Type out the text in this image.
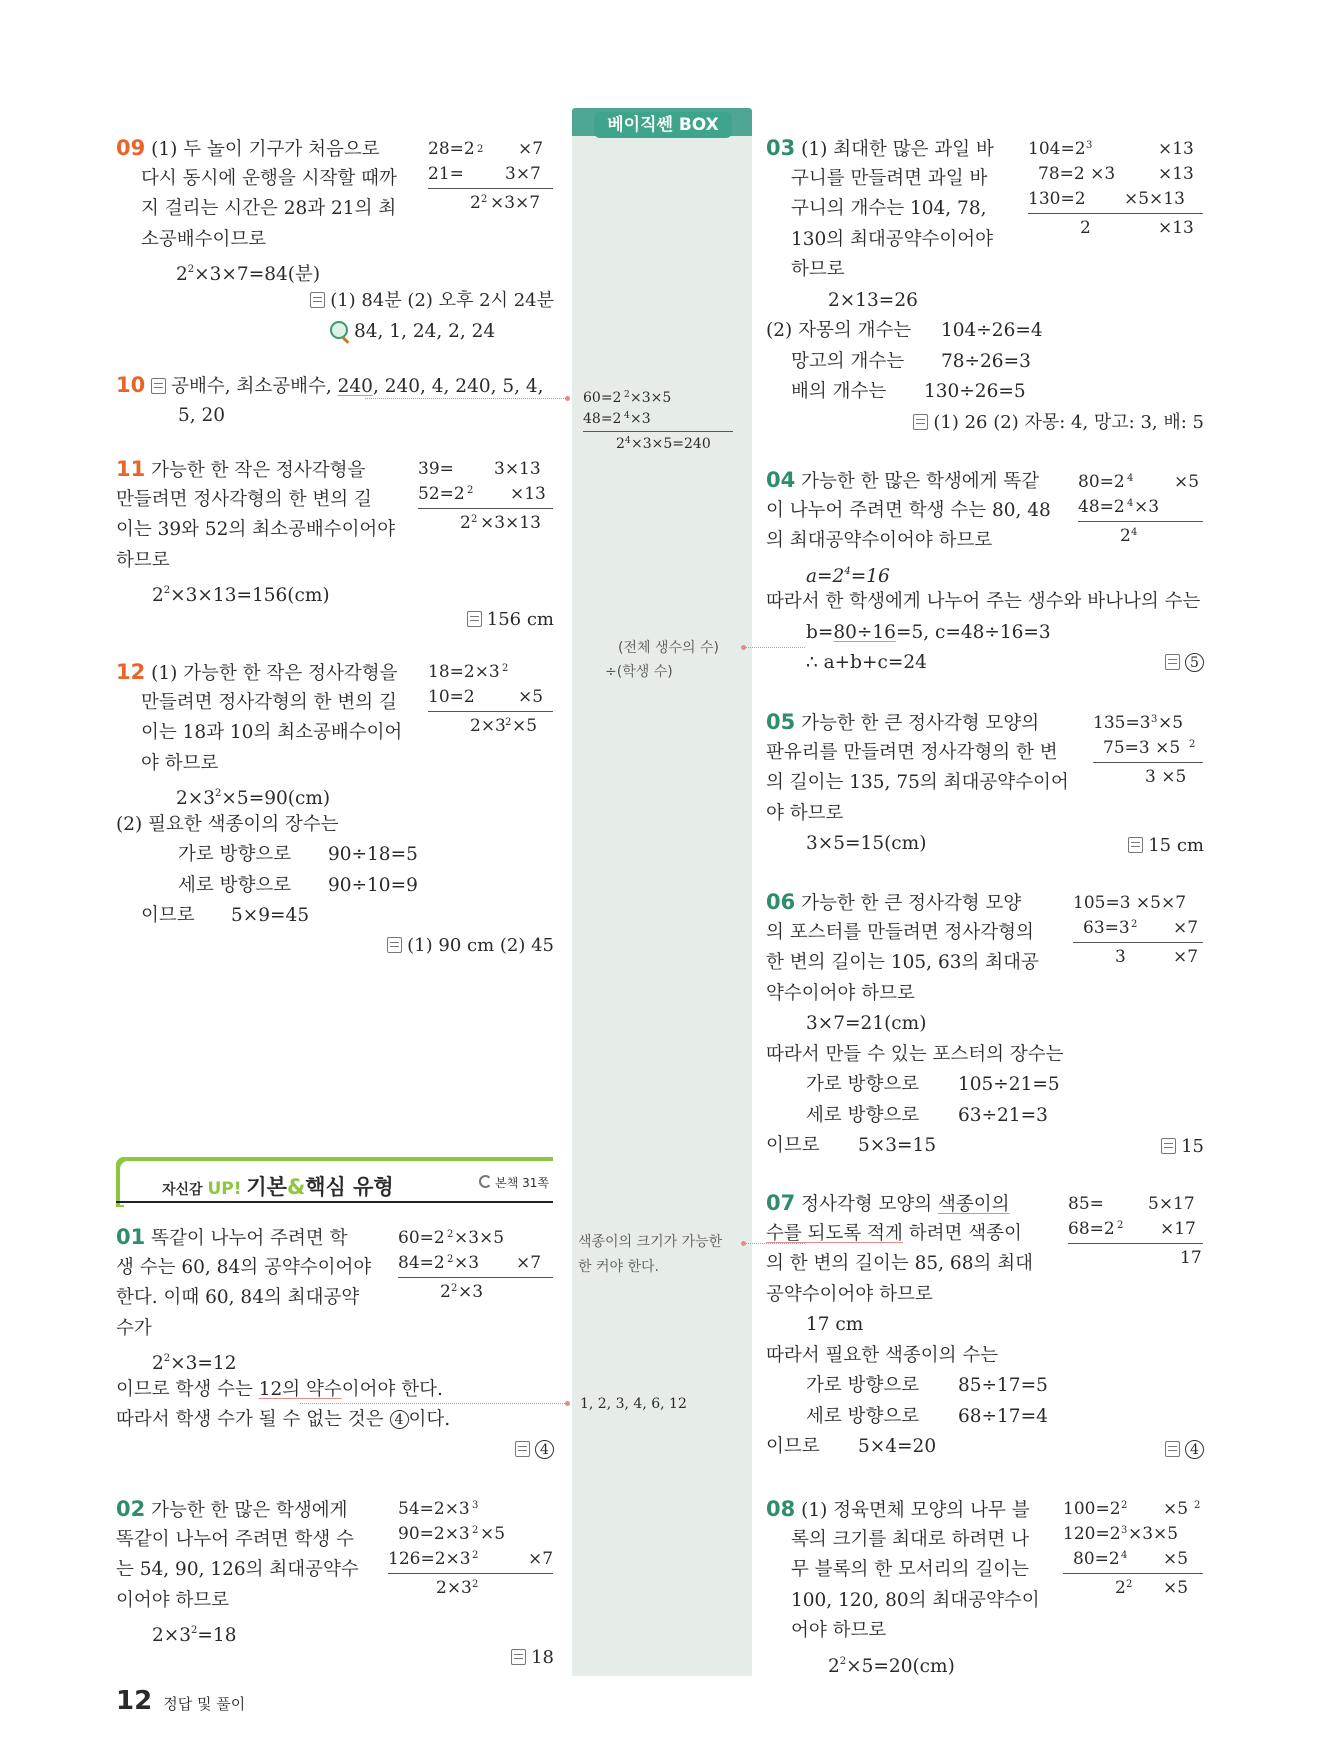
베이직쎈 BOX
09 (1) 두 놀이 기구가 처음으로
다시 동시에 운행을 시작할 때까
지 걸리는 시간은 28과 21의 최
소공배수이므로
$2^2\times 3\times 7=84$(분)
28=2 2 ×7
21= 3×7
2 2 ×3×7
(1) 84분 (2) 오후 2시 24분
84, 1, 24, 2, 24
10 공배수, 최소공배수, 240, 240, 4, 240, 5, 4,
5, 20
11 가능한 한 작은 정사각형을
만들려면 정사각형의 한 변의 길
이는 39와 52의 최소공배수이어야
하므로
$2^2\times 3\times 13=156(cm)$
39= 3×13
52=2 2 ×13
2 2 ×3×13
156 cm
12 (1) 가능한 한 작은 정사각형을
만들려면 정사각형의 한 변의 길
이는 18과 10의 최소공배수이어
야 하므로
$2\times 3^2\times 5=90(cm)$
(2) 필요한 색종이의 장수는
가로 방향으로 90÷18=5
세로 방향으로 90÷10=9
이므로 5×9=45
18=2×3 2
10=2	×5
2×3 2 ×5
(1) 90 cm (2) 45
자신감 UP! 기본&핵심 유형	본책 31쪽
01 똑같이 나누어 주려면 학
생 수는 60, 84의 공약수이어야
한다. 이때 60, 84의 최대공약
수가
$2^2\times 3=12$
이므로 학생 수는 12의 약수이어야 한다.
따라서 학생 수가 될 수 없는 것은 4 이다.
60=2 2 ×3×5
84=2 2 ×3 ×7
2 2 ×3
4
02 가능한 한 많은 학생에게
똑같이 나누어 주려면 학생 수
는 54, 90, 126의 최대공약수
이어야 하므로
$2\times 3^2=18$
54=2×3 3
90=2×3 2 ×5
126=2×3 2	×7
2×3 2
18
12 정답 및 풀이
60=2 2 ×3×5
48=2 4 ×3
2 4 ×3×5=240
(전체 생수의 수)
÷(학생 수)
색종이의 크기가 가능한
한 커야 한다.
1, 2, 3, 4, 6, 12
03 (1) 최대한 많은 과일 바
구니를 만들려면 과일 바
구니의 개수는 104, 78,
130의 최대공약수이어야
하므로
2×13=26
(2) 자몽의 개수는 104÷26=4
망고의 개수는 78÷26=3
배의 개수는 130÷26=5
104=2 3	×13
78=2 ×3	×13
130=2 ×5×13
2	×13
(1) 26 (2) 자몽: 4, 망고: 3, 배: 5
04 가능한 한 많은 학생에게 똑같
이 나누어 주려면 학생 수는 80, 48
의 최대공약수이어야 하므로
$a=2^4=16$
따라서 한 학생에게 나누어 주는 생수와 바나나의 수는
b=80÷16=5, c=48÷16=3
∴ a+b+c=24
80=2 4 ×5
48=2 4 ×3
2 4
5
05 가능한 한 큰 정사각형 모양의
판유리를 만들려면 정사각형의 한 변
의 길이는 135, 75의 최대공약수이어
야 하므로
3×5=15(cm)
135=3 3 ×5
75=3 ×5 2
3 ×5
15 cm
06 가능한 한 큰 정사각형 모양
의 포스터를 만들려면 정사각형의
한 변의 길이는 105, 63의 최대공
약수이어야 하므로
3×7=21(cm)
따라서 만들 수 있는 포스터의 장수는
가로 방향으로 105÷21=5
세로 방향으로 63÷21=3
이므로 5×3=15
105=3 ×5×7
63=3 2 ×7
3	×7
15
07 정사각형 모양의 색종이의
수를 되도록 적게 하려면 색종이
의 한 변의 길이는 85, 68의 최대
공약수이어야 하므로
17 cm
따라서 필요한 색종이의 수는
가로 방향으로 85÷17=5
세로 방향으로 68÷17=4
이므로 5×4=20
85=	5×17
68=2 2 ×17
17
4
08 (1) 정육면체 모양의 나무 블
록의 크기를 최대로 하려면 나
무 블록의 한 모서리의 길이는
100, 120, 80의 최대공약수이
어야 하므로
$2^2\times 5=20(cm)$
100=2 2 ×5 2
120=2 3 ×3×5
80=2 4 ×5
2 2 ×5
